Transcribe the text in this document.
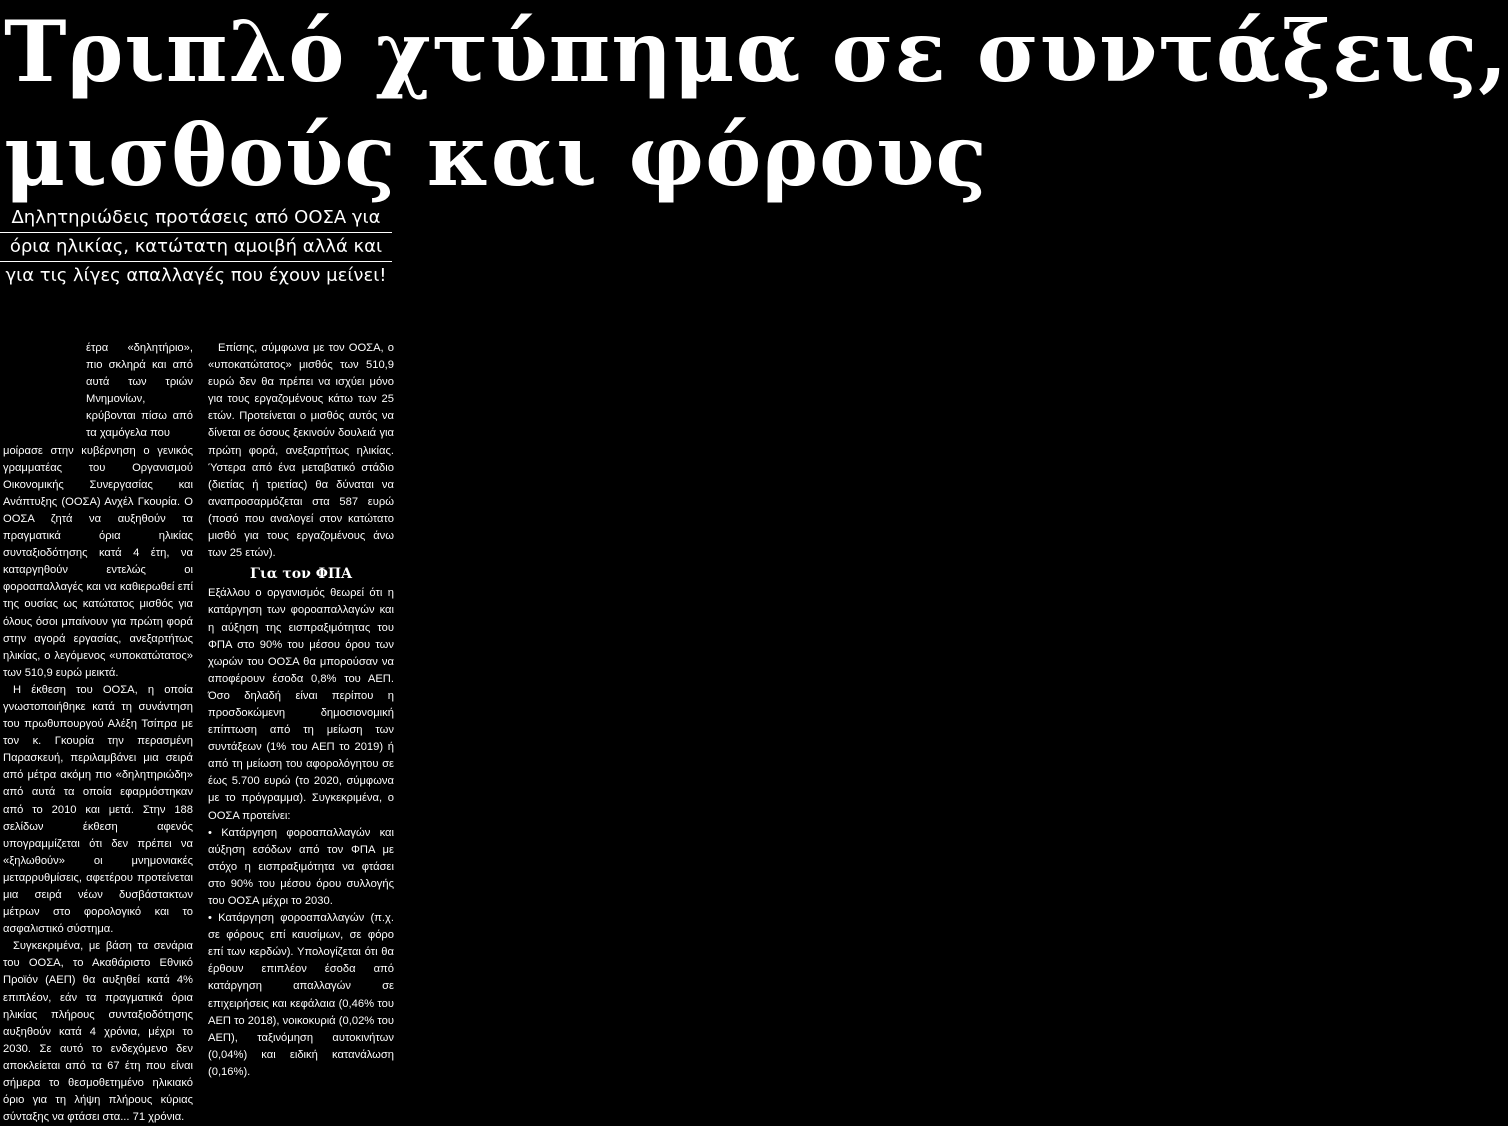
Τριπλό χτύπημα σε συντάξεις,
μισθούς και φόρους
Δηλητηριώδεις προτάσεις από ΟΟΣΑ για
όρια ηλικίας, κατώτατη αμοιβή αλλά και
για τις λίγες απαλλαγές που έχουν μείνει!

έτρα «δηλητήριο», πιο σκληρά και από αυτά των τριών Μνημονίων, κρύβονται πίσω από τα χαμόγελα που

μοίρασε στην κυβέρνηση ο γενικός γραμματέας του Οργανισμού Οικονομικής Συνεργασίας και Ανάπτυξης (ΟΟΣΑ) Ανχέλ Γκουρία. Ο ΟΟΣΑ ζητά να αυξηθούν τα πραγματικά όρια ηλικίας συνταξιοδότησης κατά 4 έτη, να καταργηθούν εντελώς οι φοροαπαλλαγές και να καθιερωθεί επί της ουσίας ως κατώτατος μισθός για όλους όσοι μπαίνουν για πρώτη φορά στην αγορά εργασίας, ανεξαρτήτως ηλικίας, ο λεγόμενος «υποκατώτατος» των 510,9 ευρώ μεικτά.

Η έκθεση του ΟΟΣΑ, η οποία γνωστοποιήθηκε κατά τη συνάντηση του πρωθυπουργού Αλέξη Τσίπρα με τον κ. Γκουρία την περασμένη Παρασκευή, περιλαμβάνει μια σειρά από μέτρα ακόμη πιο «δηλητηριώδη» από αυτά τα οποία εφαρμόστηκαν από το 2010 και μετά. Στην 188 σελίδων έκθεση αφενός υπογραμμίζεται ότι δεν πρέπει να «ξηλωθούν» οι μνημονιακές μεταρρυθμίσεις, αφετέρου προτείνεται μια σειρά νέων δυσβάστακτων μέτρων στο φορολογικό και το ασφαλιστικό σύστημα.

Συγκεκριμένα, με βάση τα σενάρια του ΟΟΣΑ, το Ακαθάριστο Εθνικό Προϊόν (ΑΕΠ) θα αυξηθεί κατά 4% επιπλέον, εάν τα πραγματικά όρια ηλικίας πλήρους συνταξιοδότησης αυξηθούν κατά 4 χρόνια, μέχρι το 2030. Σε αυτό το ενδεχόμενο δεν αποκλείεται από τα 67 έτη που είναι σήμερα το θεσμοθετημένο ηλικιακό όριο για τη λήψη πλήρους κύριας σύνταξης να φτάσει στα... 71 χρόνια.

Επίσης, σύμφωνα με τον ΟΟΣΑ, ο «υποκατώτατος» μισθός των 510,9 ευρώ δεν θα πρέπει να ισχύει μόνο για τους εργαζομένους κάτω των 25 ετών. Προτείνεται ο μισθός αυτός να δίνεται σε όσους ξεκινούν δουλειά για πρώτη φορά, ανεξαρτήτως ηλικίας. Ύστερα από ένα μεταβατικό στάδιο (διετίας ή τριετίας) θα δύναται να αναπροσαρμόζεται στα 587 ευρώ (ποσό που αναλογεί στον κατώτατο μισθό για τους εργαζομένους άνω των 25 ετών).

Για τον ΦΠΑ

Εξάλλου ο οργανισμός θεωρεί ότι η κατάργηση των φοροαπαλλαγών και η αύξηση της εισπραξιμότητας του ΦΠΑ στο 90% του μέσου όρου των χωρών του ΟΟΣΑ θα μπορούσαν να αποφέρουν έσοδα 0,8% του ΑΕΠ. Όσο δηλαδή είναι περίπου η προσδοκώμενη δημοσιονομική επίπτωση από τη μείωση των συντάξεων (1% του ΑΕΠ το 2019) ή από τη μείωση του αφορολόγητου σε έως 5.700 ευρώ (το 2020, σύμφωνα με το πρόγραμμα). Συγκεκριμένα, ο ΟΟΣΑ προτείνει:

• Κατάργηση φοροαπαλλαγών και αύξηση εσόδων από τον ΦΠΑ με στόχο η εισπραξιμότητα να φτάσει στο 90% του μέσου όρου συλλογής του ΟΟΣΑ μέχρι το 2030.

• Κατάργηση φοροαπαλλαγών (π.χ. σε φόρους επί καυσίμων, σε φόρο επί των κερδών). Υπολογίζεται ότι θα έρθουν επιπλέον έσοδα από κατάργηση απαλλαγών σε επιχειρήσεις και κεφάλαια (0,46% του ΑΕΠ το 2018), νοικοκυριά (0,02% του ΑΕΠ), ταξινόμηση αυτοκινήτων (0,04%) και ειδική κατανάλωση (0,16%).
